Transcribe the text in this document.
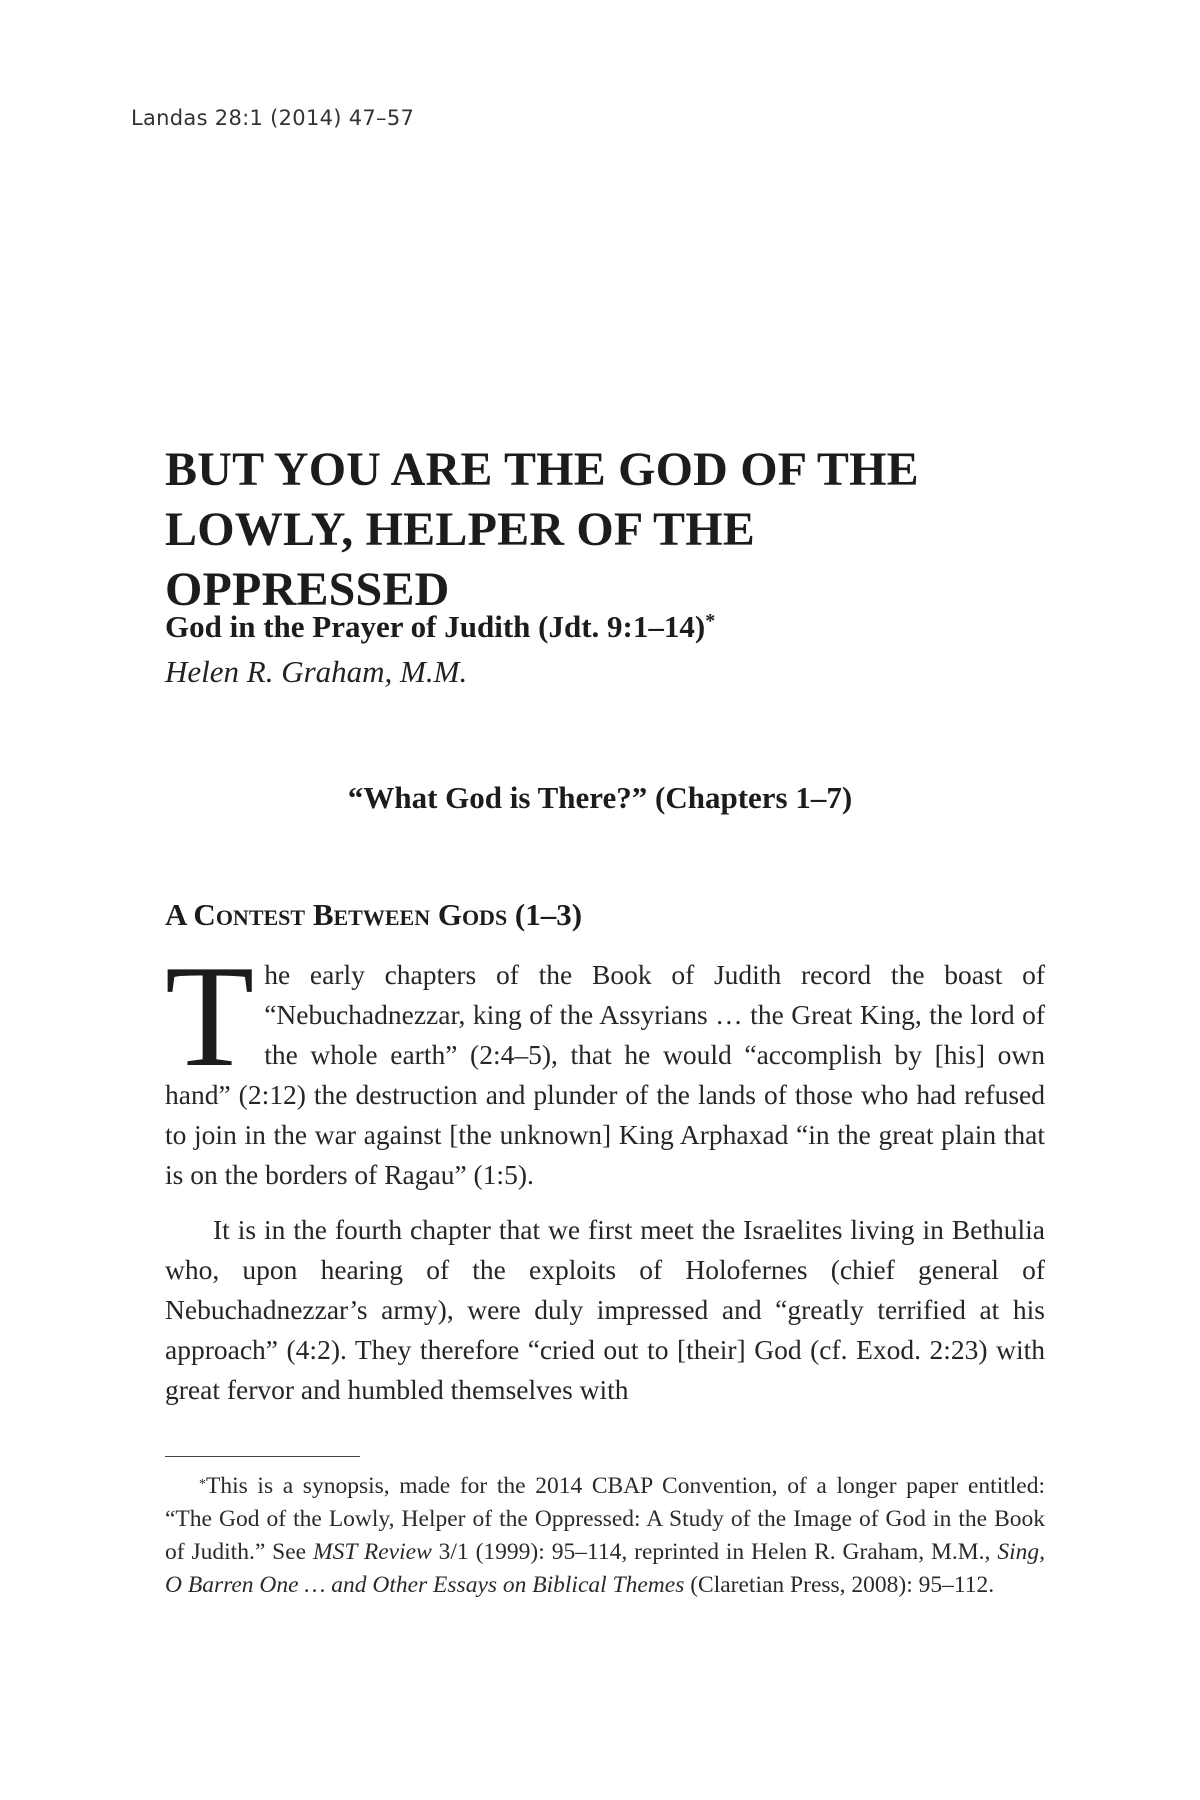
Landas 28:1 (2014) 47–57
BUT YOU ARE THE GOD OF THE LOWLY, HELPER OF THE OPPRESSED
God in the Prayer of Judith (Jdt. 9:1–14)*
Helen R. Graham, M.M.
“What God is There?” (Chapters 1–7)
A Contest Between Gods (1–3)

The early chapters of the Book of Judith record the boast of “Nebuchadnezzar, king of the Assyrians … the Great King, the lord of the whole earth” (2:4–5), that he would “accomplish by [his] own hand” (2:12) the destruction and plunder of the lands of those who had refused to join in the war against [the unknown] King Arphaxad “in the great plain that is on the borders of Ragau” (1:5).

It is in the fourth chapter that we first meet the Israelites living in Bethulia who, upon hearing of the exploits of Holofernes (chief general of Nebuchadnezzar’s army), were duly impressed and “greatly terrified at his approach” (4:2). They therefore “cried out to [their] God (cf. Exod. 2:23) with great fervor and humbled themselves with

*This is a synopsis, made for the 2014 CBAP Convention, of a longer paper entitled: “The God of the Lowly, Helper of the Oppressed: A Study of the Image of God in the Book of Judith.” See MST Review 3/1 (1999): 95–114, reprinted in Helen R. Graham, M.M., Sing, O Barren One … and Other Essays on Biblical Themes (Claretian Press, 2008): 95–112.
